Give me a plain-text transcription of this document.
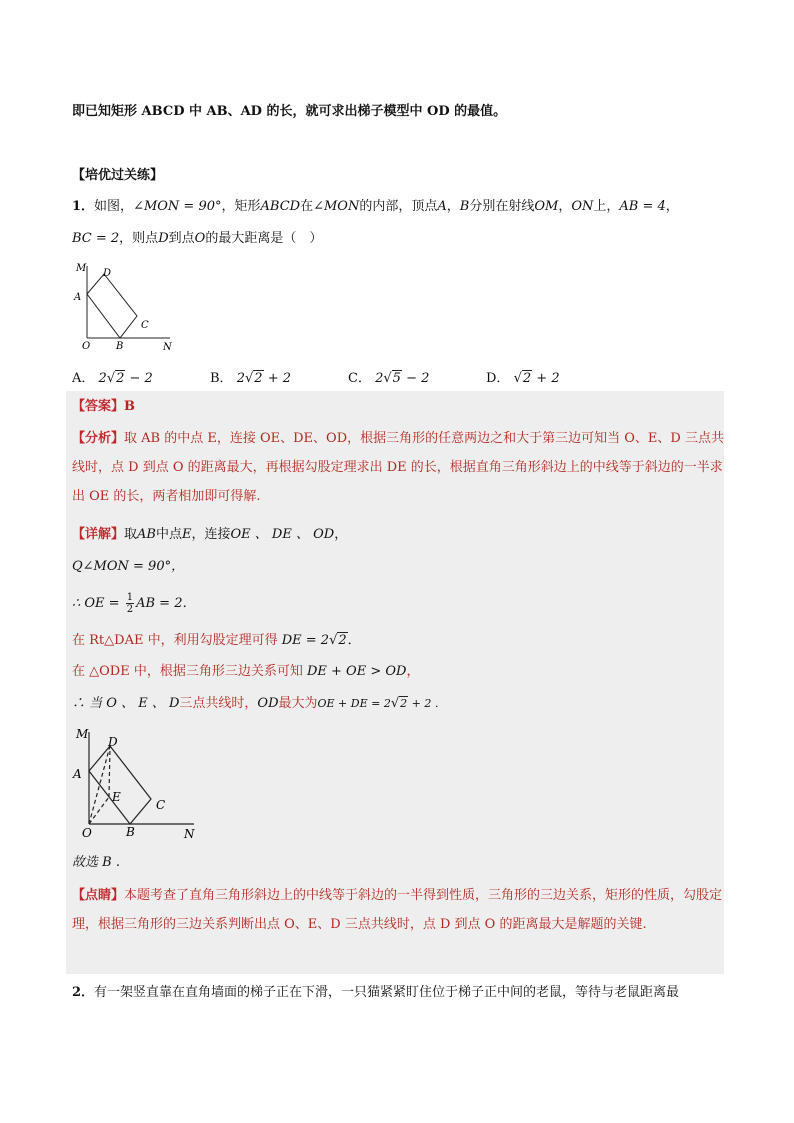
即已知矩形 ABCD 中 AB、AD 的长，就可求出梯子模型中 OD 的最值。
【培优过关练】
1．如图，∠MON = 90°，矩形ABCD在∠MON的内部，顶点A，B分别在射线OM，ON上，AB = 4，
BC = 2，则点D到点O的最大距离是（　）
M D
A
C
O	B	N
A． 2√2 − 2	B． 2√2 + 2	C． 2√5 − 2	D． √2 + 2
【答案】B
【分析】取 AB 的中点 E，连接 OE、DE、OD，根据三角形的任意两边之和大于第三边可知当 O、E、D 三点共线时，点 D 到点 O 的距离最大，再根据勾股定理求出 DE 的长，根据直角三角形斜边上的中线等于斜边的一半求出 OE 的长，两者相加即可得解.
【详解】取AB中点E，连接OE 、 DE 、 OD，
Q∠MON = 90°，
∴ OE = $\frac{1}{2}$ AB = 2．
在 Rt△DAE 中，利用勾股定理可得 DE = 2√2．
在 △ODE 中，根据三角形三边关系可知 DE + OE > OD，
∴ 当 O 、 E 、 D三点共线时，OD最大为OE + DE = 2√2 + 2 ．
M
D
A
E
C
O	B	N
故选 B .
【点睛】本题考查了直角三角形斜边上的中线等于斜边的一半得到性质，三角形的三边关系，矩形的性质，勾股定理，根据三角形的三边关系判断出点 O、E、D 三点共线时，点 D 到点 O 的距离最大是解题的关键.
2．有一架竖直靠在直角墙面的梯子正在下滑，一只猫紧紧盯住位于梯子正中间的老鼠，等待与老鼠距离最
